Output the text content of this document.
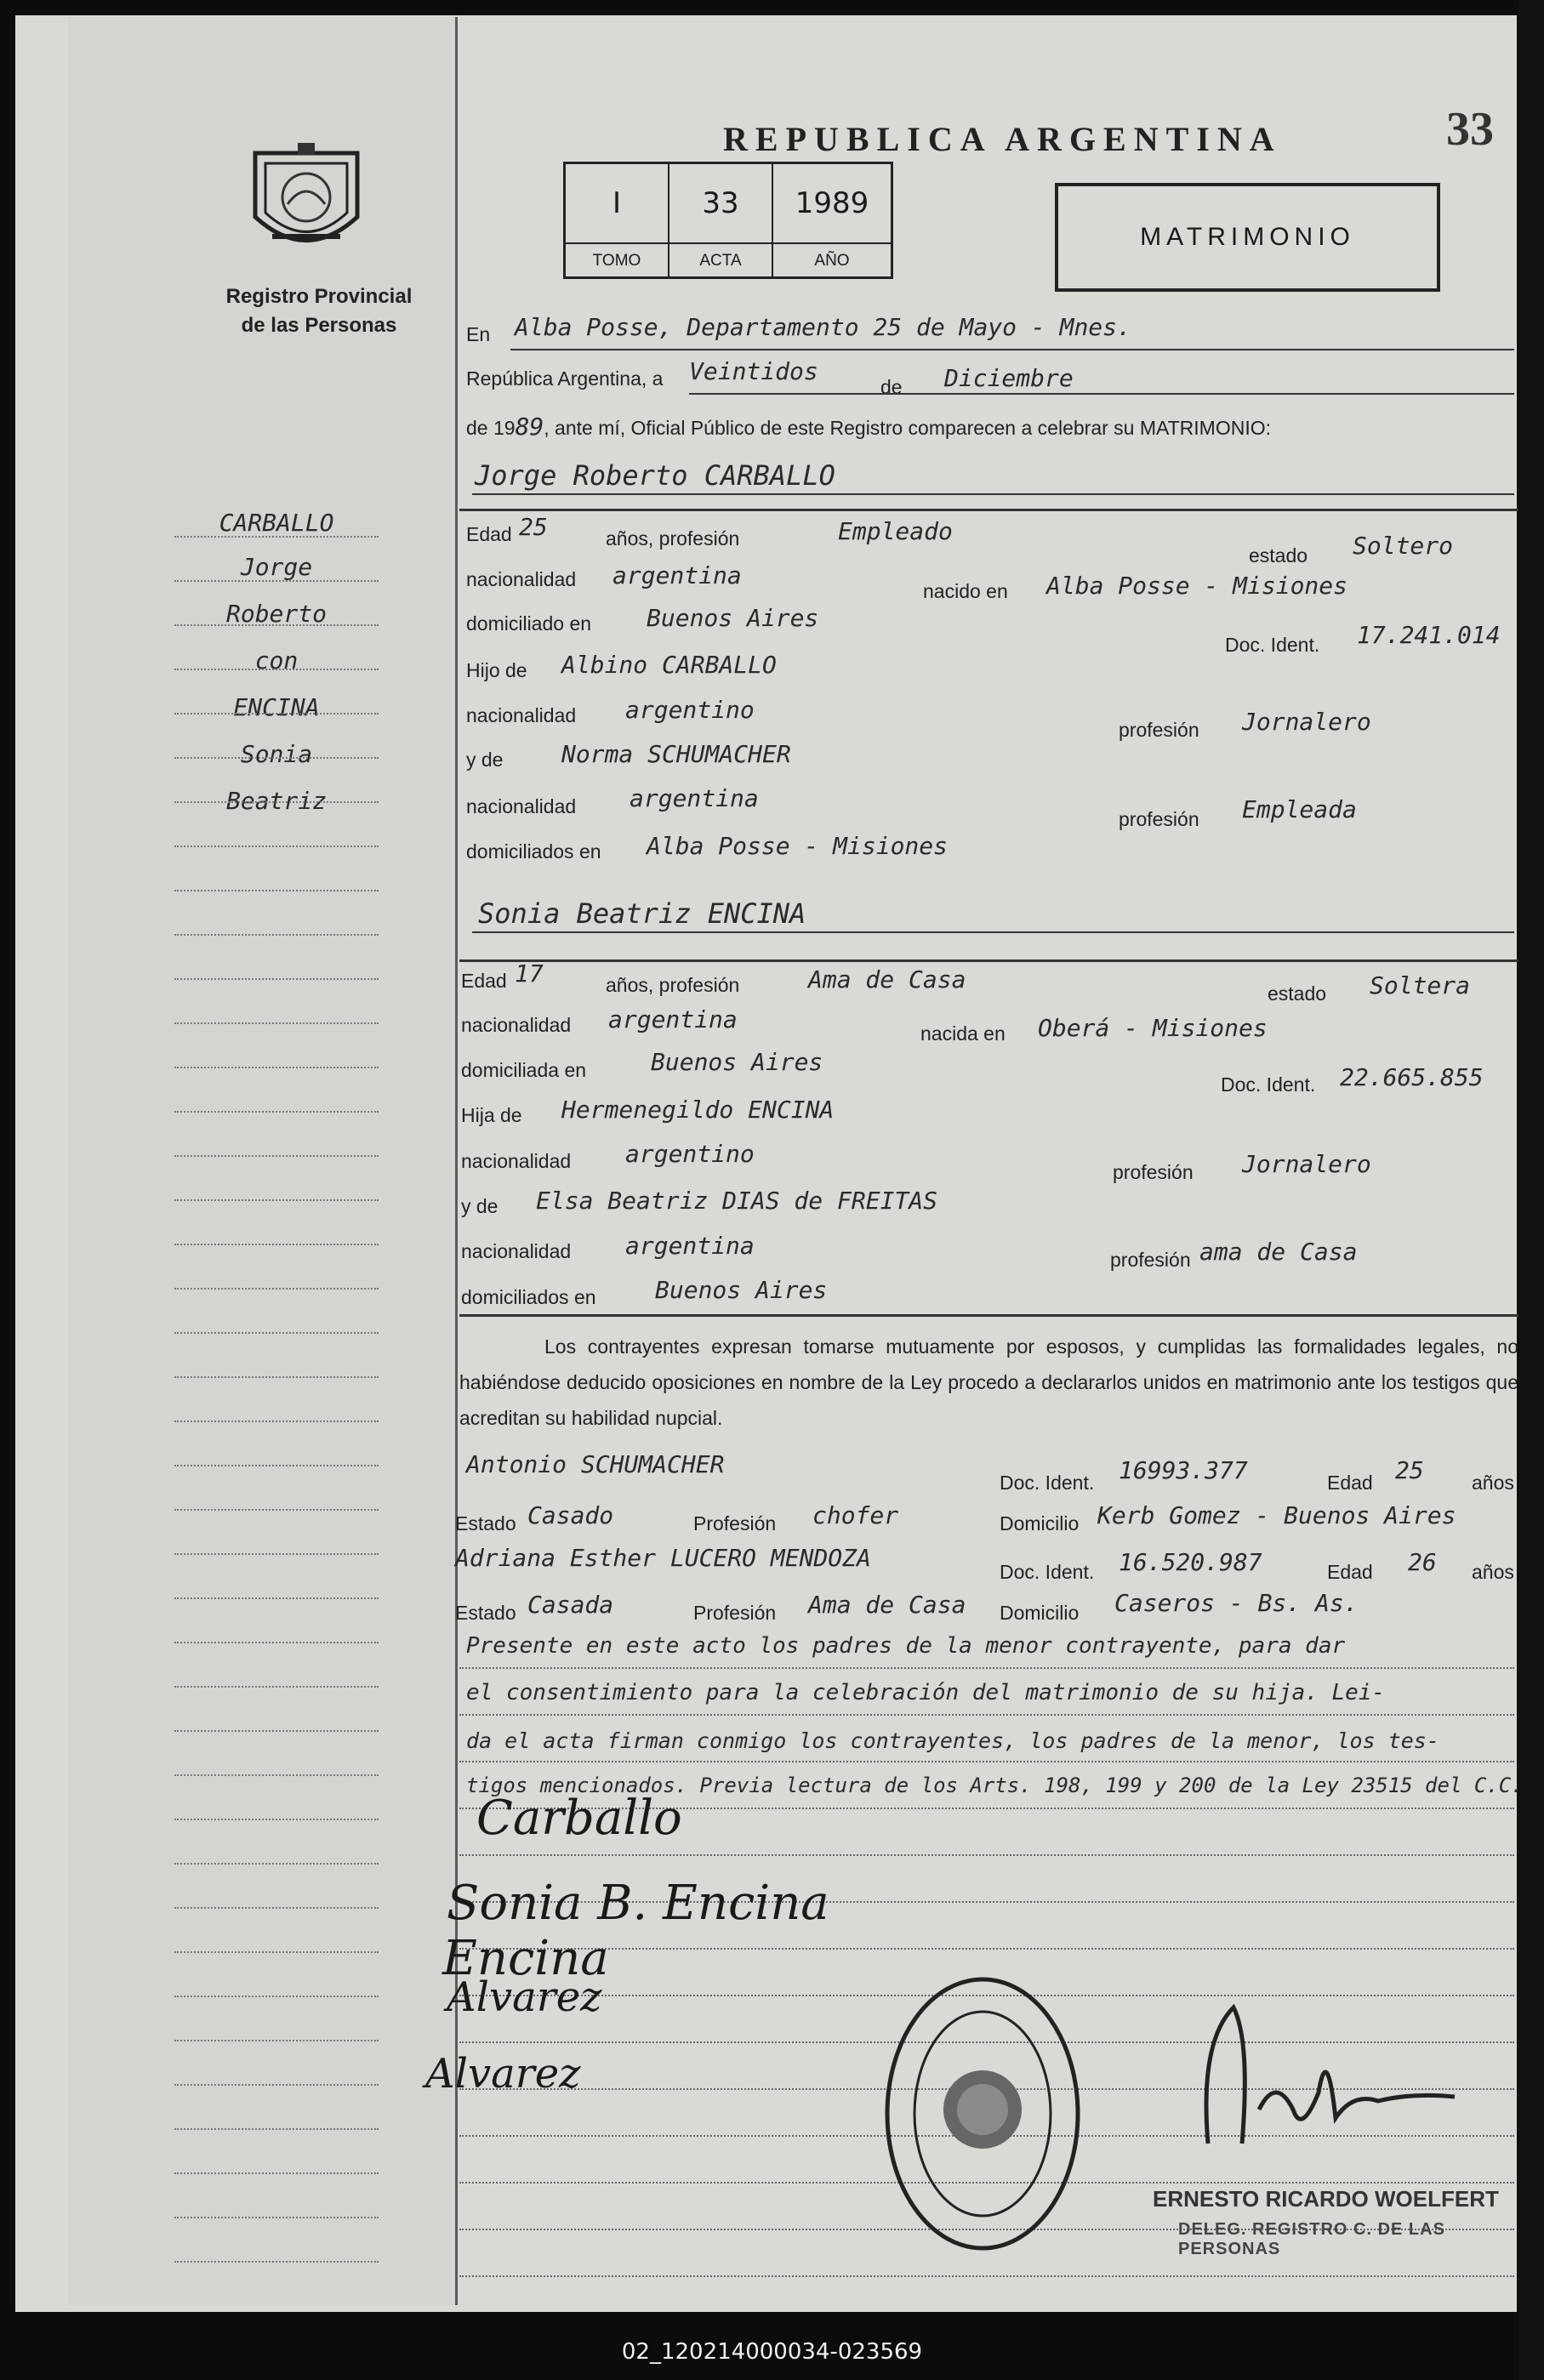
REPUBLICA ARGENTINA	33
I	33	1989
TOMO	ACTA	AÑO
MATRIMONIO
Registro Provincial
de las Personas
CARBALLO
Jorge
Roberto
con
ENCINA
Sonia
Beatriz
En Alba Posse, Departamento 25 de Mayo - Mnes.
República Argentina, a Veintidos
de Diciembre
de 1989, ante mí, Oficial Público de este Registro comparecen a celebrar su MATRIMONIO:
Jorge Roberto CARBALLO
Edad 25	años, profesión	Empleado
estado Soltero
nacionalidad argentina
nacido en Alba Posse - Misiones
domiciliado en Buenos Aires
Doc. Ident. 17.241.014
Hijo de Albino CARBALLO
nacionalidad argentino
profesión Jornalero
y de Norma SCHUMACHER
nacionalidad argentina
profesión Empleada
domiciliados en Alba Posse - Misiones
Sonia Beatriz ENCINA
Edad 17	años, profesión	Ama de Casa	estado Soltera
nacionalidad argentina	nacida en Oberá - Misiones
domiciliada en	Buenos Aires
Doc. Ident. 22.665.855
Hija de Hermenegildo ENCINA
nacionalidad argentino
profesión Jornalero
y de Elsa Beatriz DIAS de FREITAS
nacionalidad argentina	profesión ama de Casa
domiciliados en Buenos Aires
Los contrayentes expresan tomarse mutuamente por esposos, y cumplidas las formalidades legales, no habiéndose deducido oposiciones en nombre de la Ley procedo a declararlos unidos en matrimonio ante los testigos que acreditan su habilidad nupcial.
Antonio SCHUMACHER
Doc. Ident. 16993.377	Edad 25 años
Estado Casado	Profesión chofer	Domicilio Kerb Gomez - Buenos Aires
Adriana Esther LUCERO MENDOZA	Doc. Ident. 16.520.987	Edad 26 años
Estado Casada	Profesión Ama de Casa Domicilio Caseros - Bs. As.
Presente en este acto los padres de la menor contrayente, para dar
el consentimiento para la celebración del matrimonio de su hija. Lei-
da el acta firman conmigo los contrayentes, los padres de la menor, los tes-
tigos mencionados. Previa lectura de los Arts. 198, 199 y 200 de la Ley 23515 del C.C.
Carballo
Sonia B. Encina
Encina
Alvarez
Alvarez
ERNESTO RICARDO WOELFERT
DELEG. REGISTRO C. DE LAS PERSONAS
02_120214000034-023569
